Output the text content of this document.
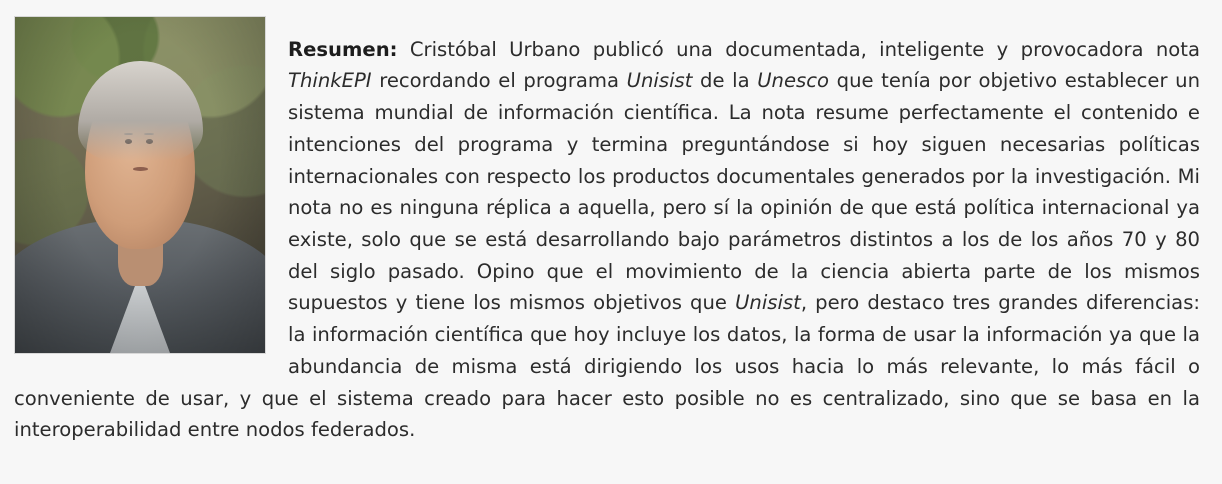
Resumen: Cristóbal Urbano publicó una documentada, inteligente y provocadora nota ThinkEPI recordando el programa Unisist de la Unesco que tenía por objetivo establecer un sistema mundial de información científica. La nota resume perfectamente el contenido e intenciones del programa y termina preguntándose si hoy siguen necesarias políticas internacionales con respecto los productos documentales generados por la investigación. Mi nota no es ninguna réplica a aquella, pero sí la opinión de que está política internacional ya existe, solo que se está desarrollando bajo parámetros distintos a los de los años 70 y 80 del siglo pasado. Opino que el movimiento de la ciencia abierta parte de los mismos supuestos y tiene los mismos objetivos que Unisist, pero destaco tres grandes diferencias: la información científica que hoy incluye los datos, la forma de usar la información ya que la abundancia de misma está dirigiendo los usos hacia lo más relevante, lo más fácil o conveniente de usar, y que el sistema creado para hacer esto posible no es centralizado, sino que se basa en la interoperabilidad entre nodos federados.
